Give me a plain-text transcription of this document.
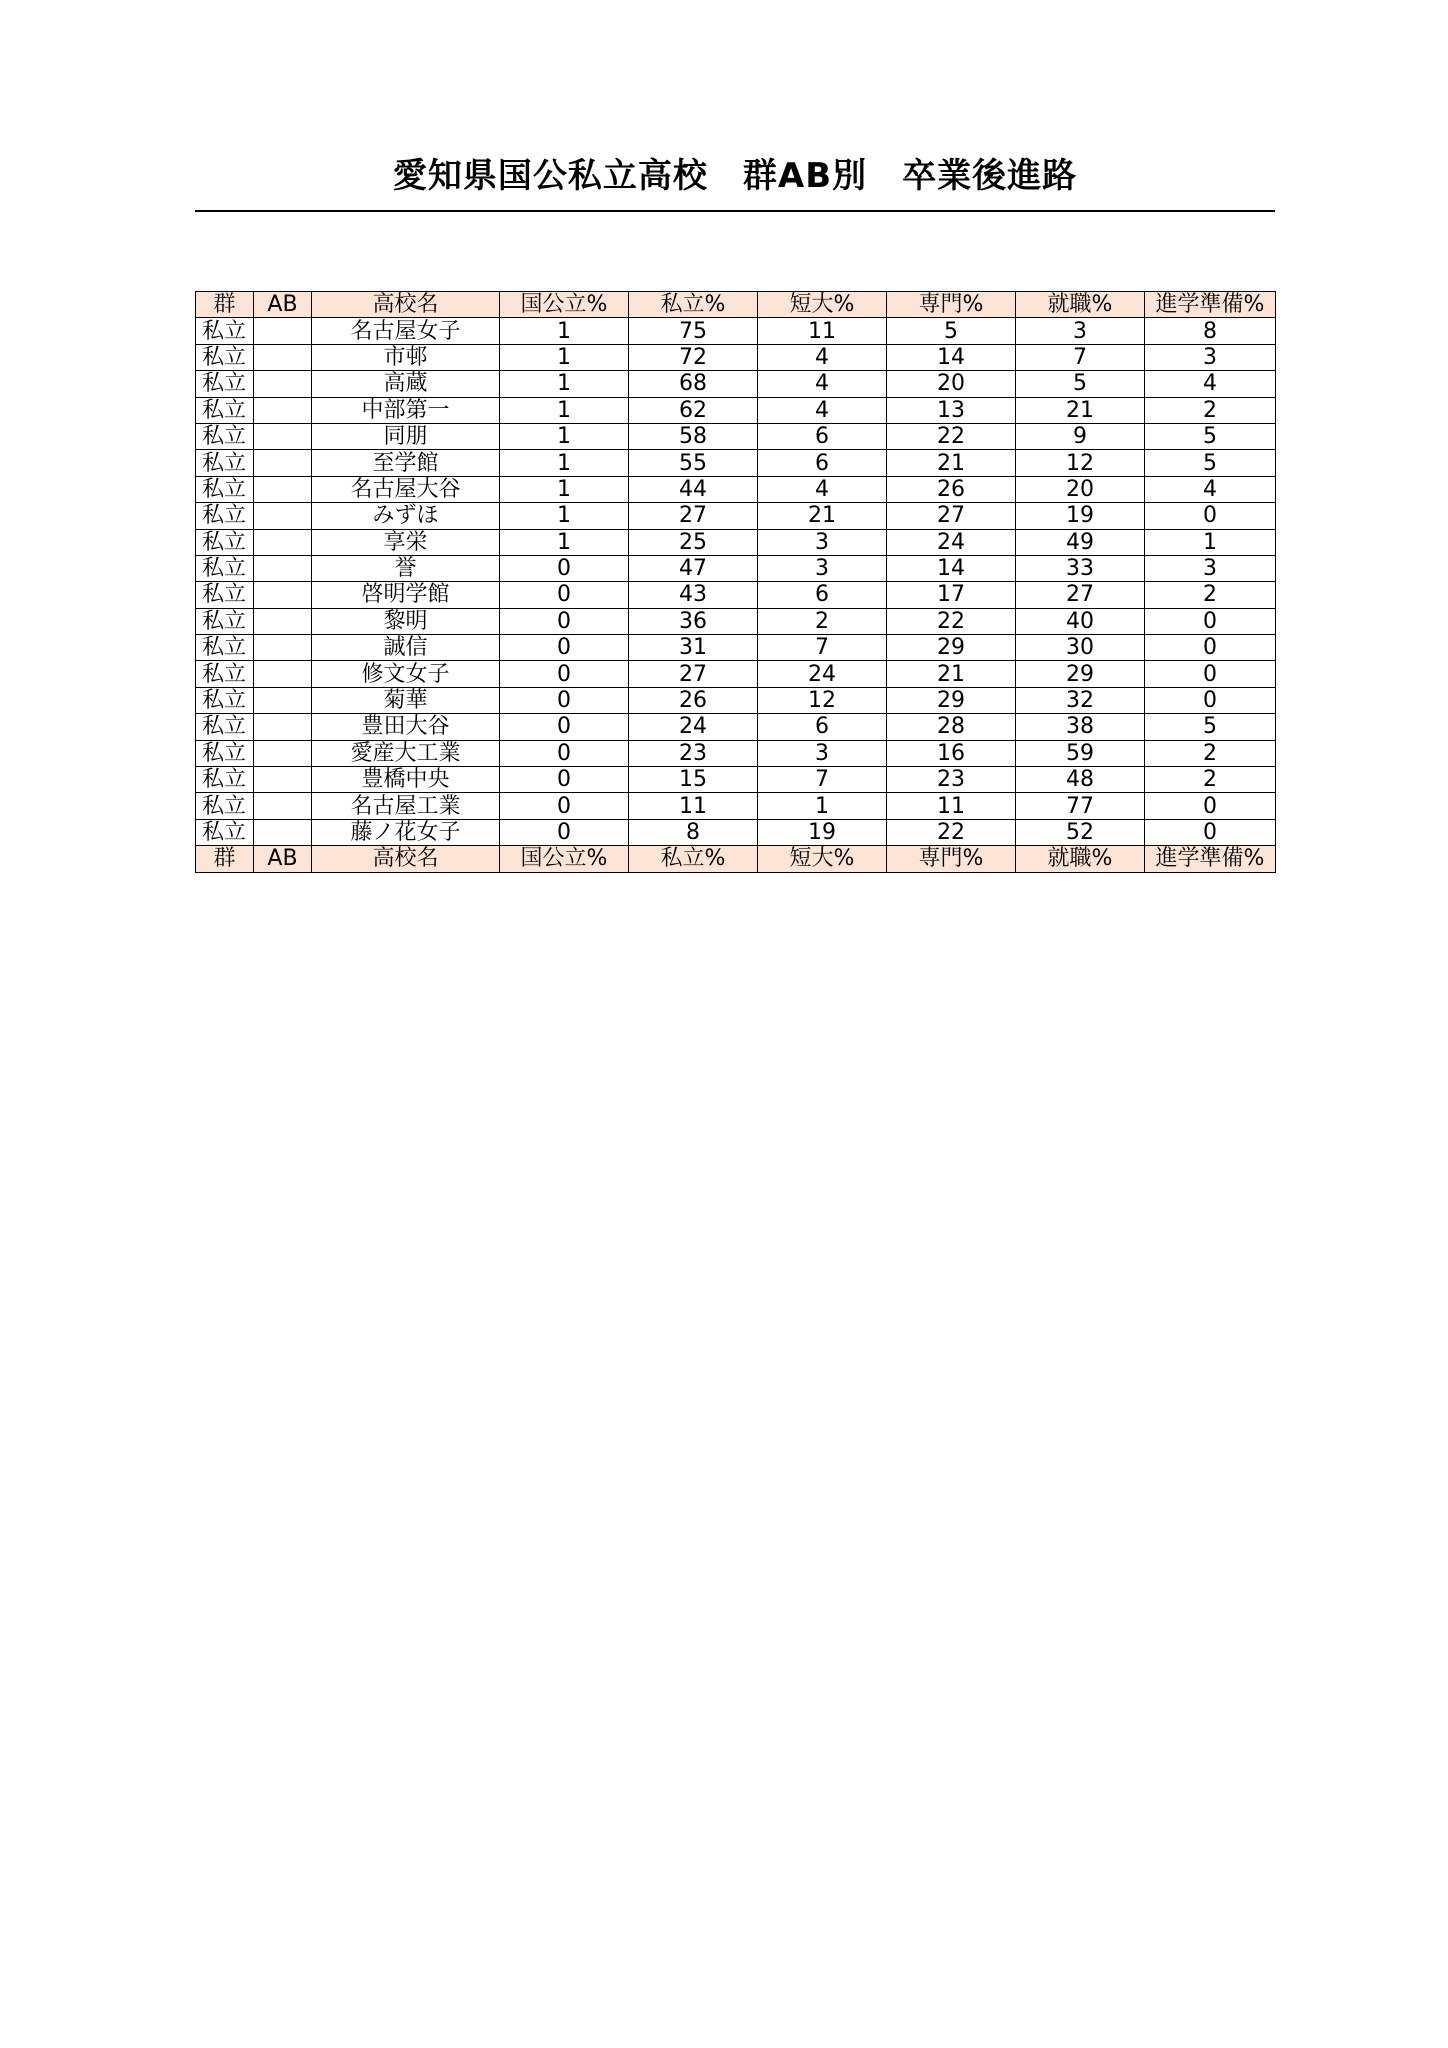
愛知県国公私立高校　群AB別　卒業後進路
群	AB	高校名	国公立%	私立%	短大%	専門%	就職%	進学準備%
私立		名古屋女子	1	75	11	5	3	8
私立		市邨	1	72	4	14	7	3
私立		高蔵	1	68	4	20	5	4
私立		中部第一	1	62	4	13	21	2
私立		同朋	1	58	6	22	9	5
私立		至学館	1	55	6	21	12	5
私立		名古屋大谷	1	44	4	26	20	4
私立		みずほ	1	27	21	27	19	0
私立		享栄	1	25	3	24	49	1
私立		誉	0	47	3	14	33	3
私立		啓明学館	0	43	6	17	27	2
私立		黎明	0	36	2	22	40	0
私立		誠信	0	31	7	29	30	0
私立		修文女子	0	27	24	21	29	0
私立		菊華	0	26	12	29	32	0
私立		豊田大谷	0	24	6	28	38	5
私立		愛産大工業	0	23	3	16	59	2
私立		豊橋中央	0	15	7	23	48	2
私立		名古屋工業	0	11	1	11	77	0
私立		藤ノ花女子	0	8	19	22	52	0
群	AB	高校名	国公立%	私立%	短大%	専門%	就職%	進学準備%
